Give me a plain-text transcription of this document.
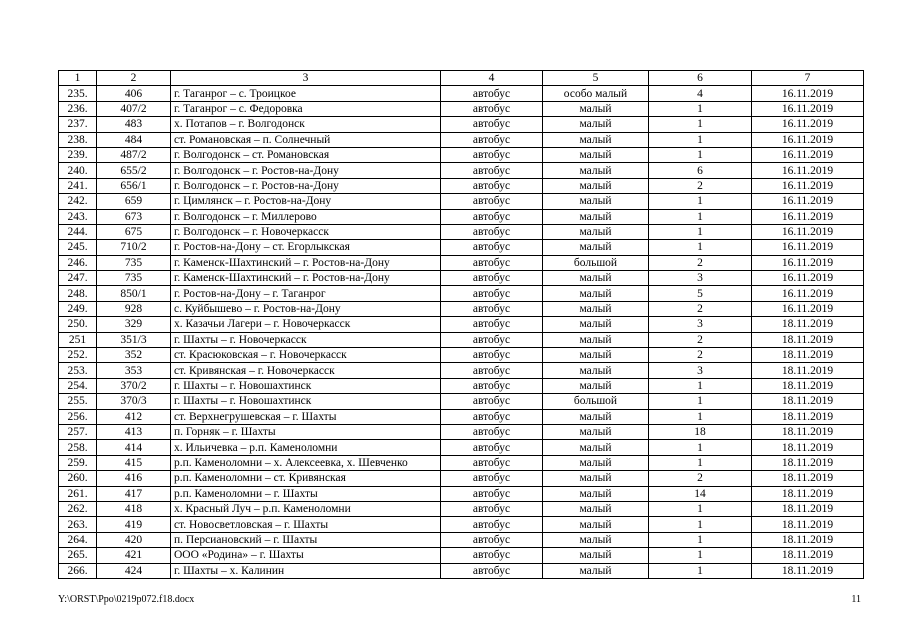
1	2	3	4	5	6	7
235.	406	г. Таганрог – с. Троицкое	автобус	особо малый	4	16.11.2019
236.	407/2	г. Таганрог – с. Федоровка	автобус	малый	1	16.11.2019
237.	483	х. Потапов – г. Волгодонск	автобус	малый	1	16.11.2019
238.	484	ст. Романовская – п. Солнечный	автобус	малый	1	16.11.2019
239.	487/2	г. Волгодонск – ст. Романовская	автобус	малый	1	16.11.2019
240.	655/2	г. Волгодонск – г. Ростов-на-Дону	автобус	малый	6	16.11.2019
241.	656/1	г. Волгодонск – г. Ростов-на-Дону	автобус	малый	2	16.11.2019
242.	659	г. Цимлянск – г. Ростов-на-Дону	автобус	малый	1	16.11.2019
243.	673	г. Волгодонск – г. Миллерово	автобус	малый	1	16.11.2019
244.	675	г. Волгодонск – г. Новочеркасск	автобус	малый	1	16.11.2019
245.	710/2	г. Ростов-на-Дону – ст. Егорлыкская	автобус	малый	1	16.11.2019
246.	735	г. Каменск-Шахтинский – г. Ростов-на-Дону	автобус	большой	2	16.11.2019
247.	735	г. Каменск-Шахтинский – г. Ростов-на-Дону	автобус	малый	3	16.11.2019
248.	850/1	г. Ростов-на-Дону – г. Таганрог	автобус	малый	5	16.11.2019
249.	928	с. Куйбышево – г. Ростов-на-Дону	автобус	малый	2	16.11.2019
250.	329	х. Казачьи Лагери – г. Новочеркасск	автобус	малый	3	18.11.2019
251	351/3	г. Шахты – г. Новочеркасск	автобус	малый	2	18.11.2019
252.	352	ст. Красюковская – г. Новочеркасск	автобус	малый	2	18.11.2019
253.	353	ст. Кривянская – г. Новочеркасск	автобус	малый	3	18.11.2019
254.	370/2	г. Шахты – г. Новошахтинск	автобус	малый	1	18.11.2019
255.	370/3	г. Шахты – г. Новошахтинск	автобус	большой	1	18.11.2019
256.	412	ст. Верхнегрушевская – г. Шахты	автобус	малый	1	18.11.2019
257.	413	п. Горняк – г. Шахты	автобус	малый	18	18.11.2019
258.	414	х. Ильичевка – р.п. Каменоломни	автобус	малый	1	18.11.2019
259.	415	р.п. Каменоломни – х. Алексеевка, х. Шевченко	автобус	малый	1	18.11.2019
260.	416	р.п. Каменоломни – ст. Кривянская	автобус	малый	2	18.11.2019
261.	417	р.п. Каменоломни – г. Шахты	автобус	малый	14	18.11.2019
262.	418	х. Красный Луч – р.п. Каменоломни	автобус	малый	1	18.11.2019
263.	419	ст. Новосветловская – г. Шахты	автобус	малый	1	18.11.2019
264.	420	п. Персиановский – г. Шахты	автобус	малый	1	18.11.2019
265.	421	ООО «Родина» – г. Шахты	автобус	малый	1	18.11.2019
266.	424	г. Шахты – х. Калинин	автобус	малый	1	18.11.2019
Y:\ORST\Ppo\0219p072.f18.docx	11
